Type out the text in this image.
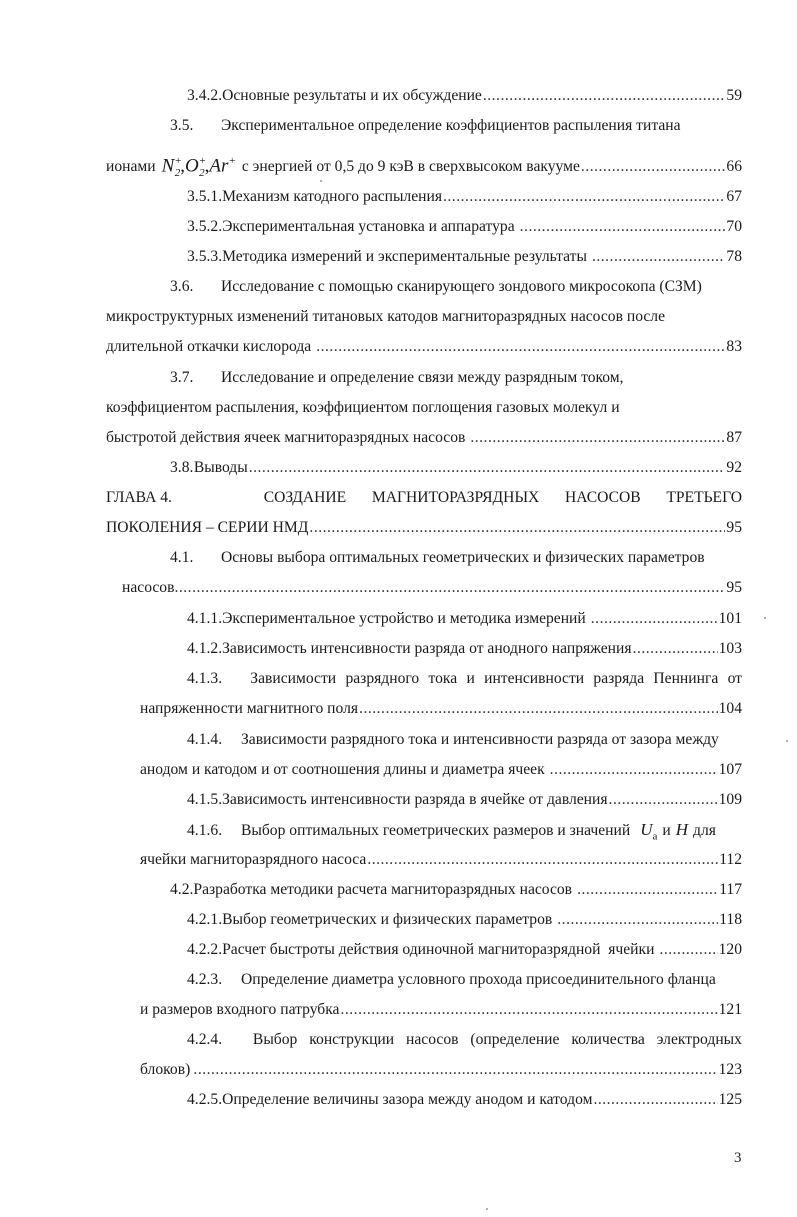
3.4.2. Основные результаты и их обсуждение .....	59
3.5.	Экспериментальное определение коэффициентов распыления титана
ионами $N^+_2,O^+_2,Ar^+$ с энергией от 0,5 до 9 кэВ в сверхвысоком вакууме .....	66
3.5.1. Механизм катодного распыления .....	67
3.5.2. Экспериментальная установка и аппаратура .....	70
3.5.3. Методика измерений и экспериментальные результаты .....	78
3.6.	Исследование с помощью сканирующего зондового микросокопа (СЗМ)
микроструктурных изменений титановых катодов магниторазрядных насосов после
длительной откачки кислорода .....	83
3.7.	Исследование и определение связи между разрядным током,
коэффициентом распыления, коэффициентом поглощения газовых молекул и
быстротой действия ячеек магниторазрядных насосов .....	87
3.8. Выводы .....	92
ГЛАВА 4.	СОЗДАНИЕ МАГНИТОРАЗРЯДНЫХ НАСОСОВ ТРЕТЬЕГО
ПОКОЛЕНИЯ – СЕРИИ НМД .....	95
4.1.	Основы выбора оптимальных геометрических и физических параметров
насосов .....	95
4.1.1. Экспериментальное устройство и методика измерений .....	101
4.1.2. Зависимость интенсивности разряда от анодного напряжения .....	103
4.1.3.	Зависимости разрядного тока и интенсивности разряда Пеннинга от
напряженности магнитного поля .....	104
4.1.4.	Зависимости разрядного тока и интенсивности разряда от зазора между
анодом и катодом и от соотношения длины и диаметра ячеек .....	107
4.1.5. Зависимость интенсивности разряда в ячейке от давления .....	109
4.1.6.	Выбор оптимальных геометрических размеров и значений $U_a$ и H для
ячейки магниторазрядного насоса .....	112
4.2. Разработка методики расчета магниторазрядных насосов .....	117
4.2.1. Выбор геометрических и физических параметров .....	118
4.2.2. Расчет быстроты действия одиночной магниторазрядной  ячейки .....	120
4.2.3.	Определение диаметра условного прохода присоединительного фланца
и размеров входного патрубка .....	121
4.2.4.	Выбор конструкции насосов (определение количества электродных
блоков) .....	123
4.2.5. Определение величины зазора между анодом и катодом .....	125
3
